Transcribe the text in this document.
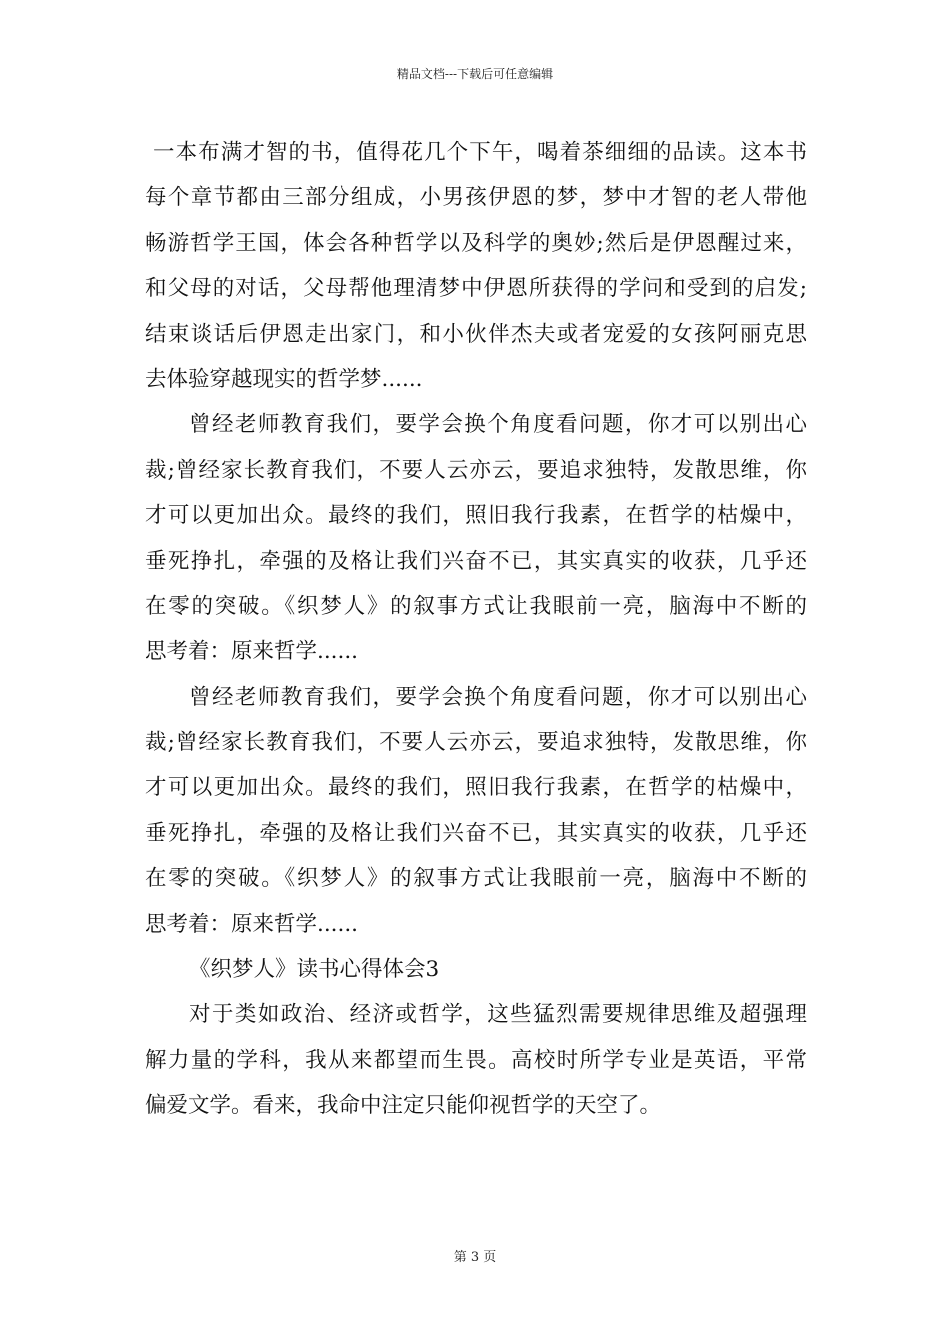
精品文档---下载后可任意编辑
一本布满才智的书，值得花几个下午，喝着茶细细的品读。这本书
每个章节都由三部分组成，小男孩伊恩的梦，梦中才智的老人带他
畅游哲学王国，体会各种哲学以及科学的奥妙;然后是伊恩醒过来，
和父母的对话，父母帮他理清梦中伊恩所获得的学问和受到的启发;
结束谈话后伊恩走出家门，和小伙伴杰夫或者宠爱的女孩阿丽克思
去体验穿越现实的哲学梦......
曾经老师教育我们，要学会换个角度看问题，你才可以别出心
裁;曾经家长教育我们，不要人云亦云，要追求独特，发散思维，你
才可以更加出众。最终的我们，照旧我行我素，在哲学的枯燥中，
垂死挣扎，牵强的及格让我们兴奋不已，其实真实的收获，几乎还
在零的突破。《织梦人》的叙事方式让我眼前一亮，脑海中不断的
思考着：原来哲学......
曾经老师教育我们，要学会换个角度看问题，你才可以别出心
裁;曾经家长教育我们，不要人云亦云，要追求独特，发散思维，你
才可以更加出众。最终的我们，照旧我行我素，在哲学的枯燥中，
垂死挣扎，牵强的及格让我们兴奋不已，其实真实的收获，几乎还
在零的突破。《织梦人》的叙事方式让我眼前一亮，脑海中不断的
思考着：原来哲学......
《织梦人》读书心得体会3
对于类如政治、经济或哲学，这些猛烈需要规律思维及超强理
解力量的学科，我从来都望而生畏。高校时所学专业是英语，平常
偏爱文学。看来，我命中注定只能仰视哲学的天空了。
第 3 页
